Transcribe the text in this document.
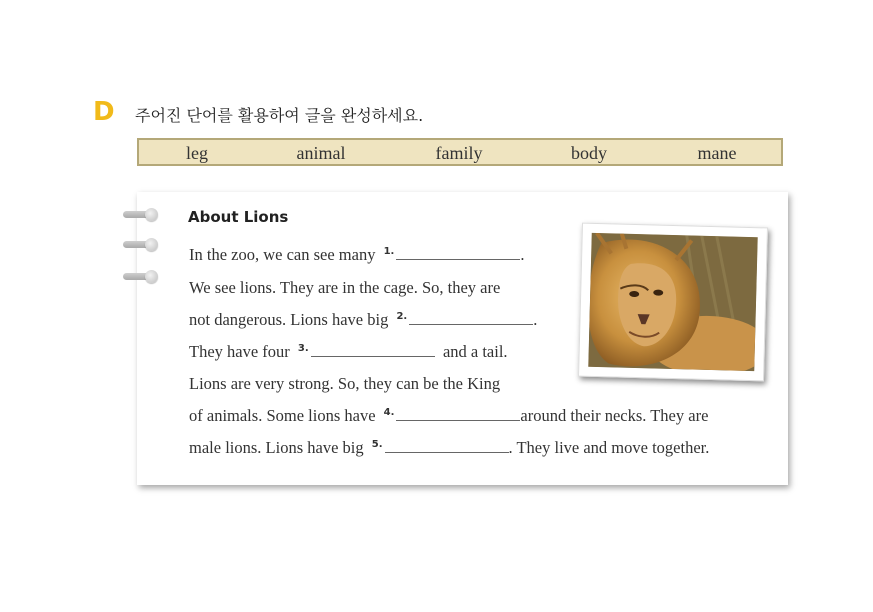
D 주어진 단어를 활용하여 글을 완성하세요.
leg	animal	family	body	mane
About Lions
In the zoo, we can see many $^{1.}$	.
We see lions. They are in the cage. So, they are
not dangerous. Lions have big $^{2.}$	.
They have four $^{3.}$	and a tail.
Lions are very strong. So, they can be the King
of animals. Some lions have $^{4.}$	around their necks. They are
male lions. Lions have big $^{5.}$	. They live and move together.
